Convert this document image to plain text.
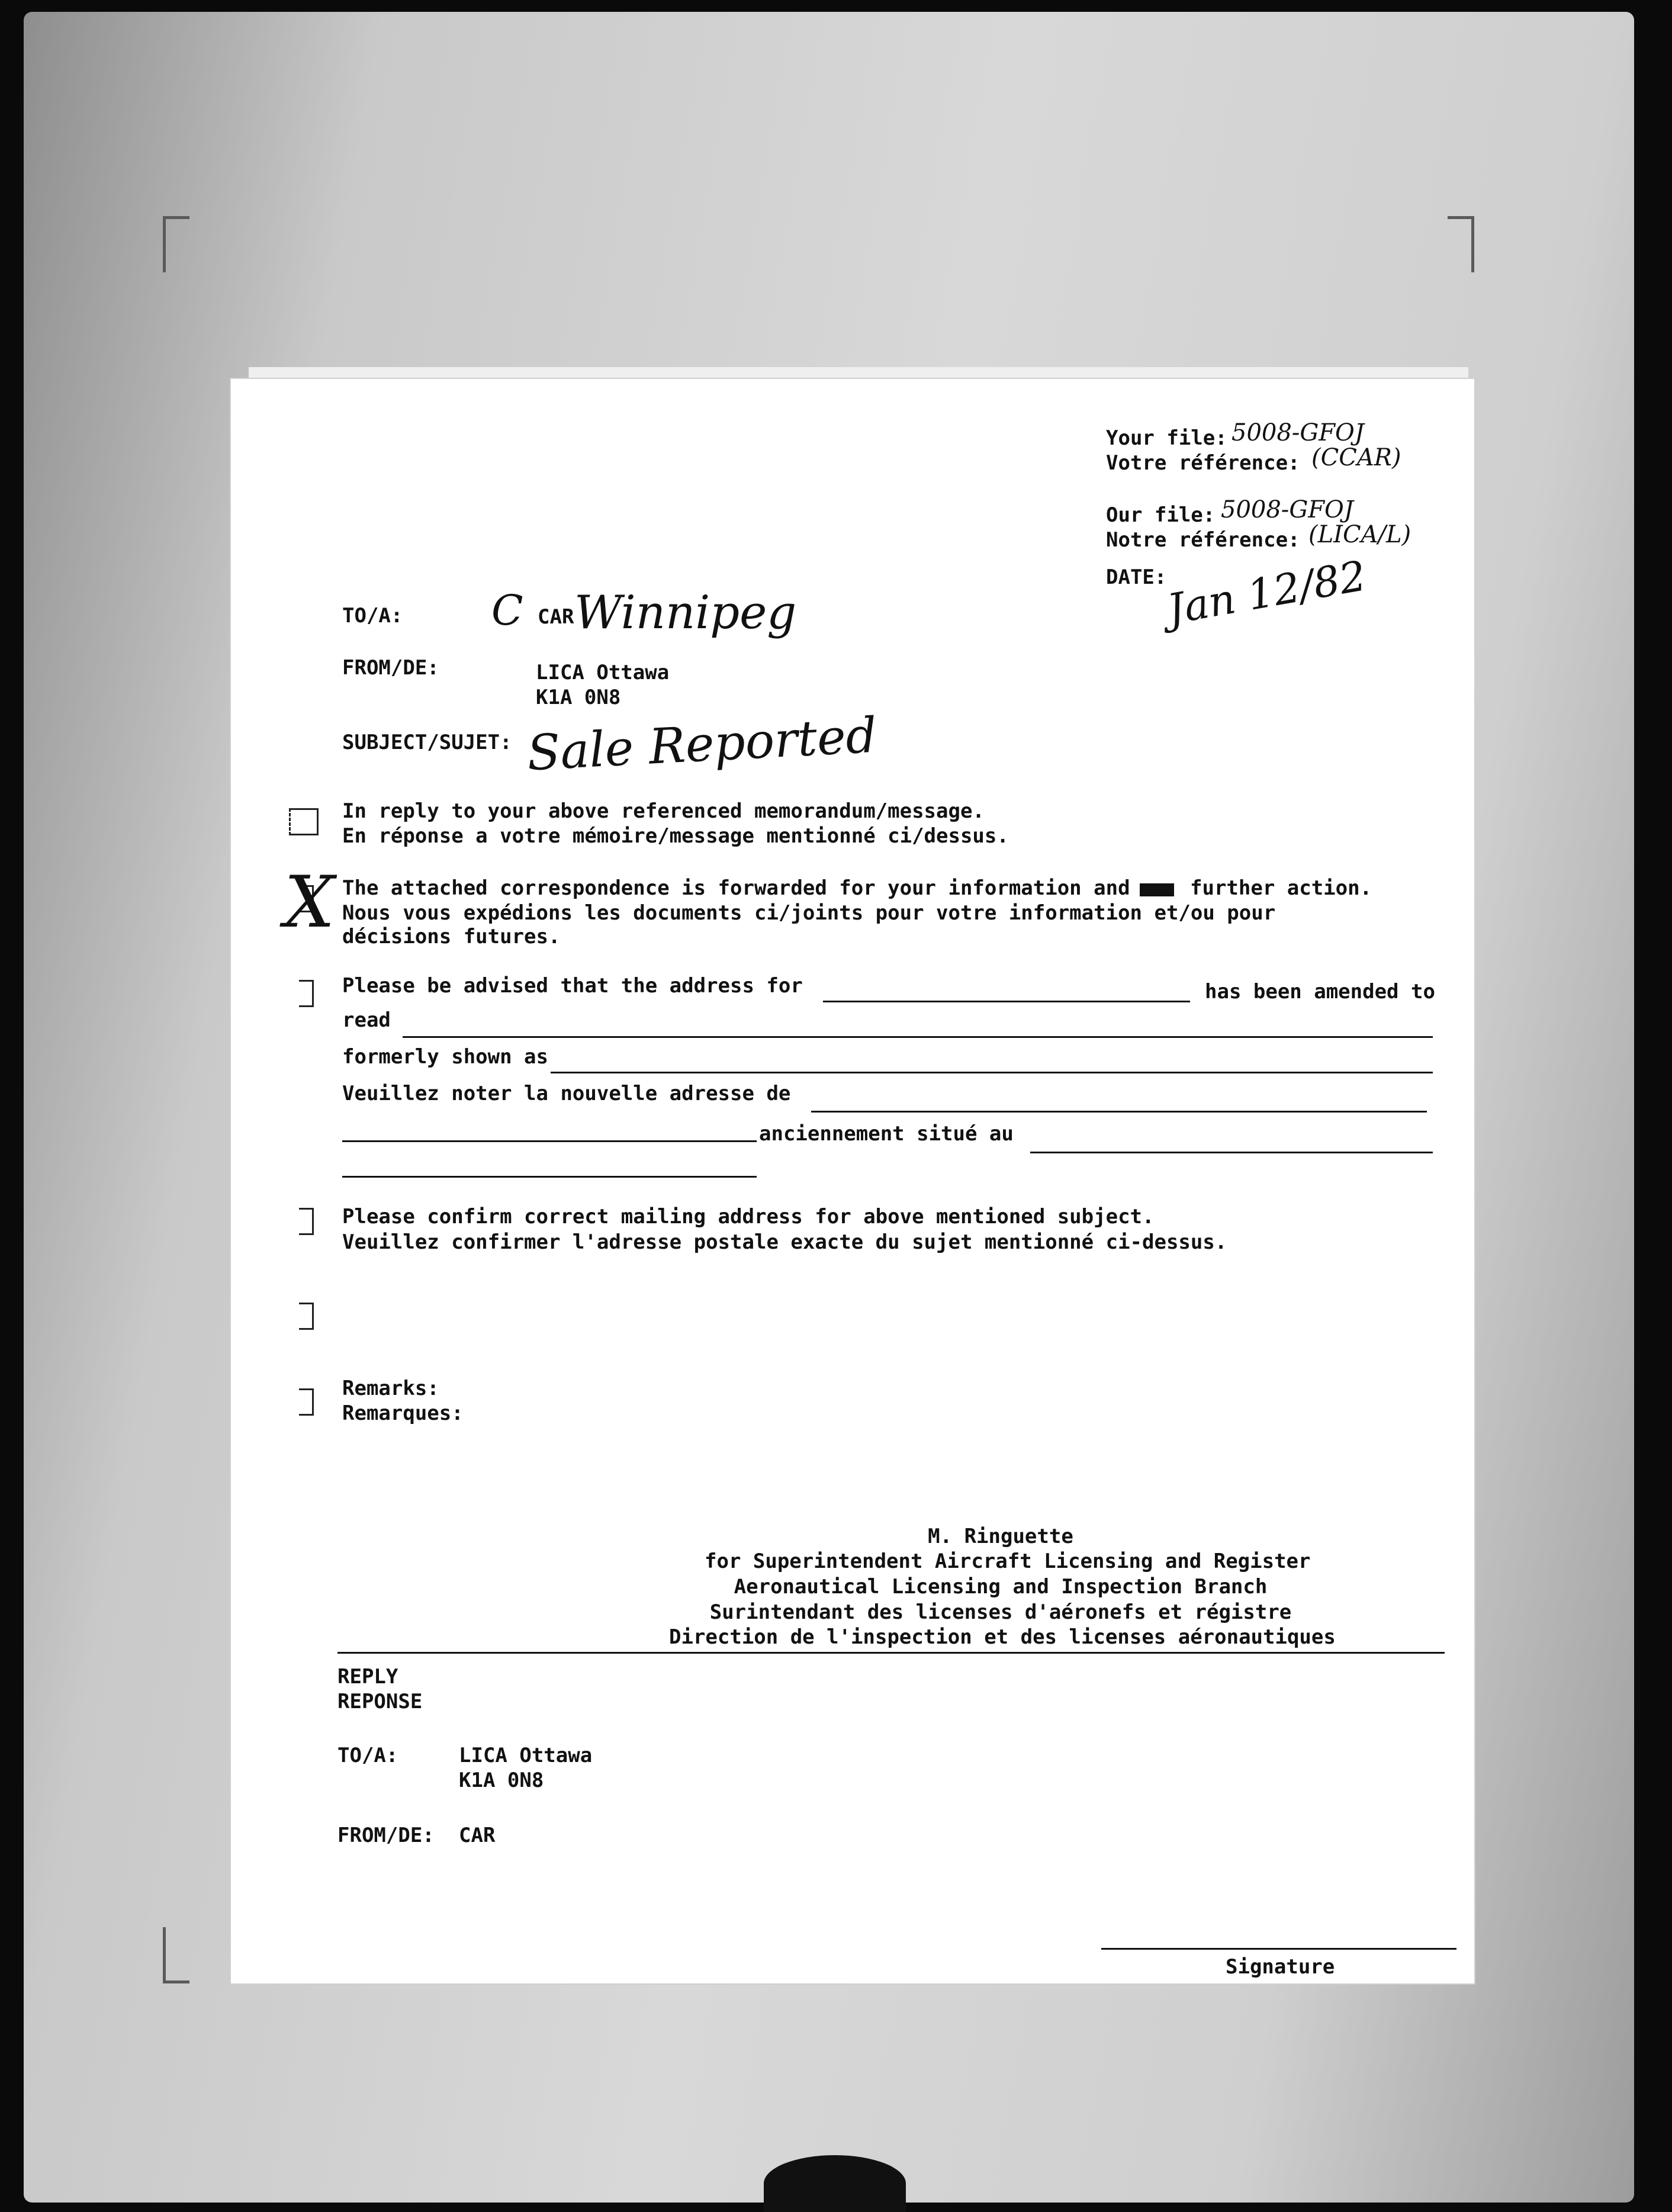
Your file: 5008-GFOJ
Votre référence: (CCAR)
Our file: 5008-GFOJ
Notre référence: (LICA/L)
DATE:
Jan 12/82
TO/A: C CAR Winnipeg
FROM/DE:	LICA Ottawa
K1A 0N8
SUBJECT/SUJET: Sale Reported
In reply to your above referenced memorandum/message.
En réponse a votre mémoire/message mentionné ci/dessus.
X The attached correspondence is forwarded for your information and	further action.
Nous vous expédions les documents ci/joints pour votre information et/ou pour
décisions futures.
Please be advised that the address for	has been amended to
read
formerly shown as
Veuillez noter la nouvelle adresse de
anciennement situé au
Please confirm correct mailing address for above mentioned subject.
Veuillez confirmer l'adresse postale exacte du sujet mentionné ci-dessus.
Remarks:
Remarques:
M. Ringuette
for Superintendent Aircraft Licensing and Register
Aeronautical Licensing and Inspection Branch
Surintendant des licenses d'aéronefs et régistre
Direction de l'inspection et des licenses aéronautiques
REPLY
REPONSE
TO/A:	LICA Ottawa
K1A 0N8
FROM/DE: CAR
Signature
